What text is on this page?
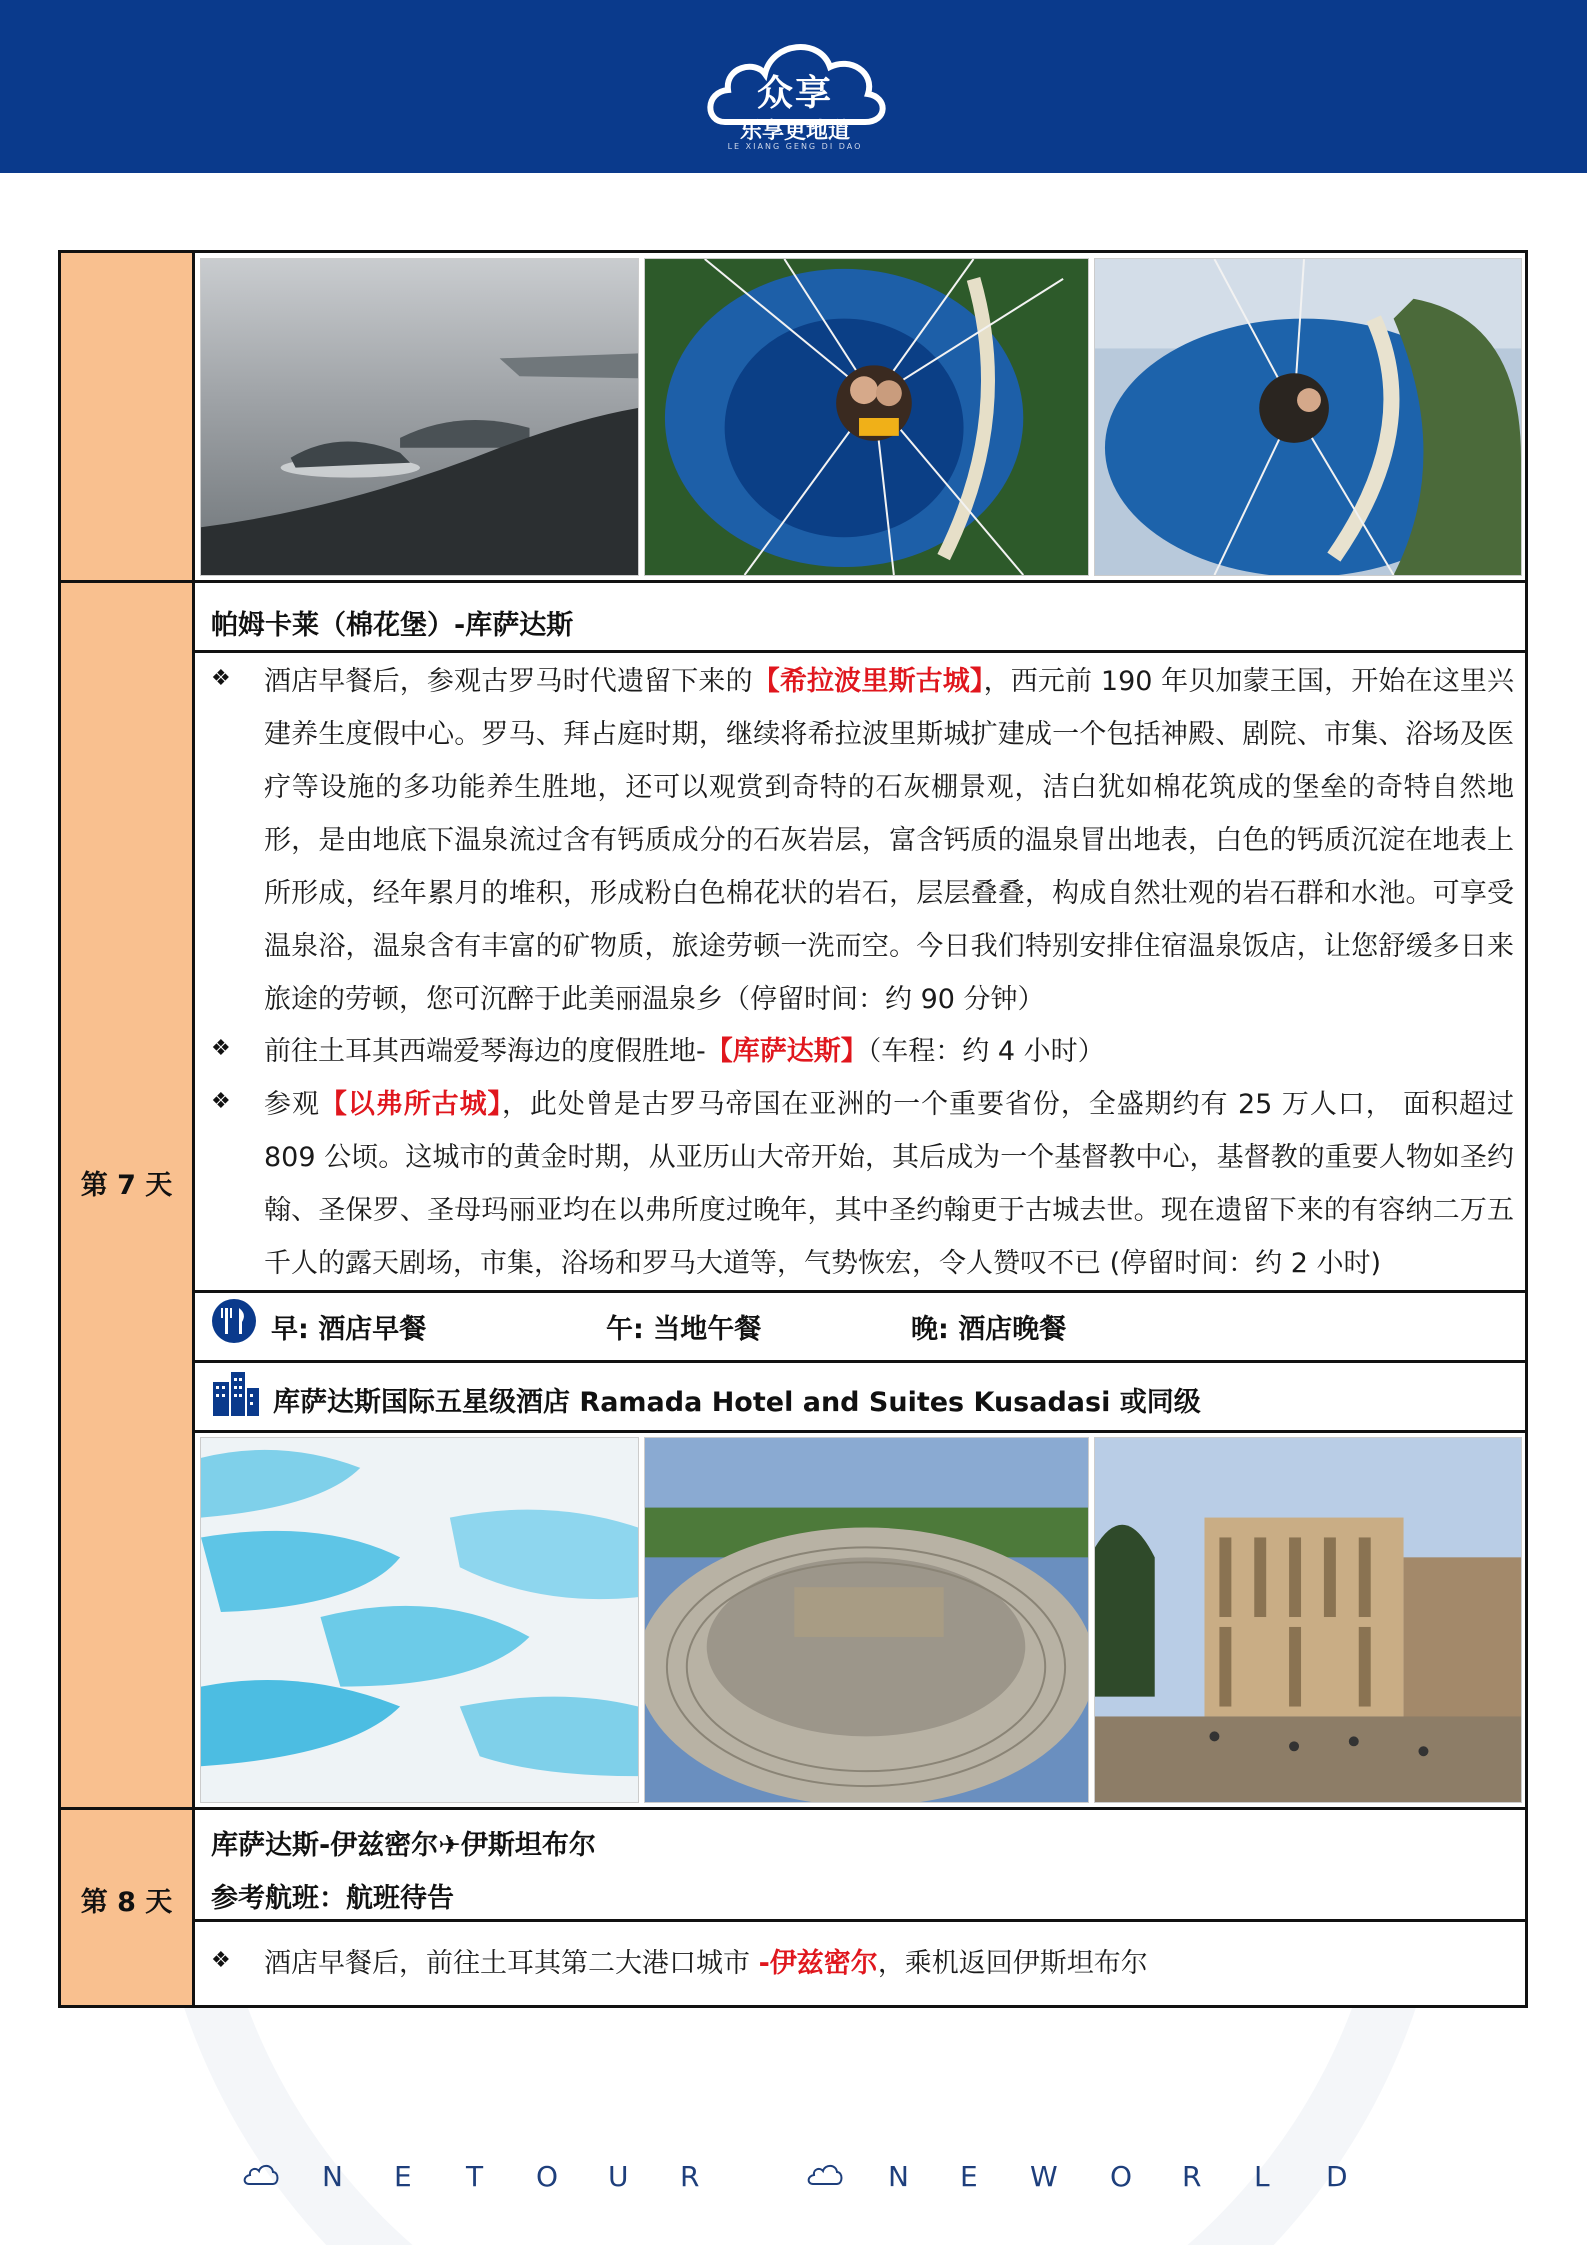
众享
乐享更地道
LE XIANG GENG DI DAO
第 7 天
帕姆卡莱（棉花堡）-库萨达斯
❖ 酒店早餐后，参观古罗马时代遗留下来的【希拉波里斯古城】，西元前 190 年贝加蒙王国，开始在这里兴建养生度假中心。罗马、拜占庭时期，继续将希拉波里斯城扩建成一个包括神殿、剧院、市集、浴场及医疗等设施的多功能养生胜地，还可以观赏到奇特的石灰棚景观，洁白犹如棉花筑成的堡垒的奇特自然地形，是由地底下温泉流过含有钙质成分的石灰岩层，富含钙质的温泉冒出地表，白色的钙质沉淀在地表上所形成，经年累月的堆积，形成粉白色棉花状的岩石，层层叠叠，构成自然壮观的岩石群和水池。可享受温泉浴，温泉含有丰富的矿物质，旅途劳顿一洗而空。今日我们特别安排住宿温泉饭店，让您舒缓多日来旅途的劳顿，您可沉醉于此美丽温泉乡（停留时间：约 90 分钟）
❖ 前往土耳其西端爱琴海边的度假胜地-【库萨达斯】（车程：约 4 小时）
❖ 参观【以弗所古城】，此处曾是古罗马帝国在亚洲的一个重要省份，全盛期约有 25 万人口， 面积超过 809 公顷。这城市的黄金时期，从亚历山大帝开始，其后成为一个基督教中心，基督教的重要人物如圣约翰、圣保罗、圣母玛丽亚均在以弗所度过晚年，其中圣约翰更于古城去世。现在遗留下来的有容纳二万五千人的露天剧场，市集，浴场和罗马大道等，气势恢宏，令人赞叹不已 (停留时间：约 2 小时)
早: 酒店早餐	午: 当地午餐	晚: 酒店晚餐
库萨达斯国际五星级酒店 Ramada Hotel and Suites Kusadasi 或同级
第 8 天
库萨达斯-伊兹密尔✈伊斯坦布尔
参考航班：航班待告
❖ 酒店早餐后，前往土耳其第二大港口城市 -伊兹密尔，乘机返回伊斯坦布尔
N E T O U R	N E W O R L D
